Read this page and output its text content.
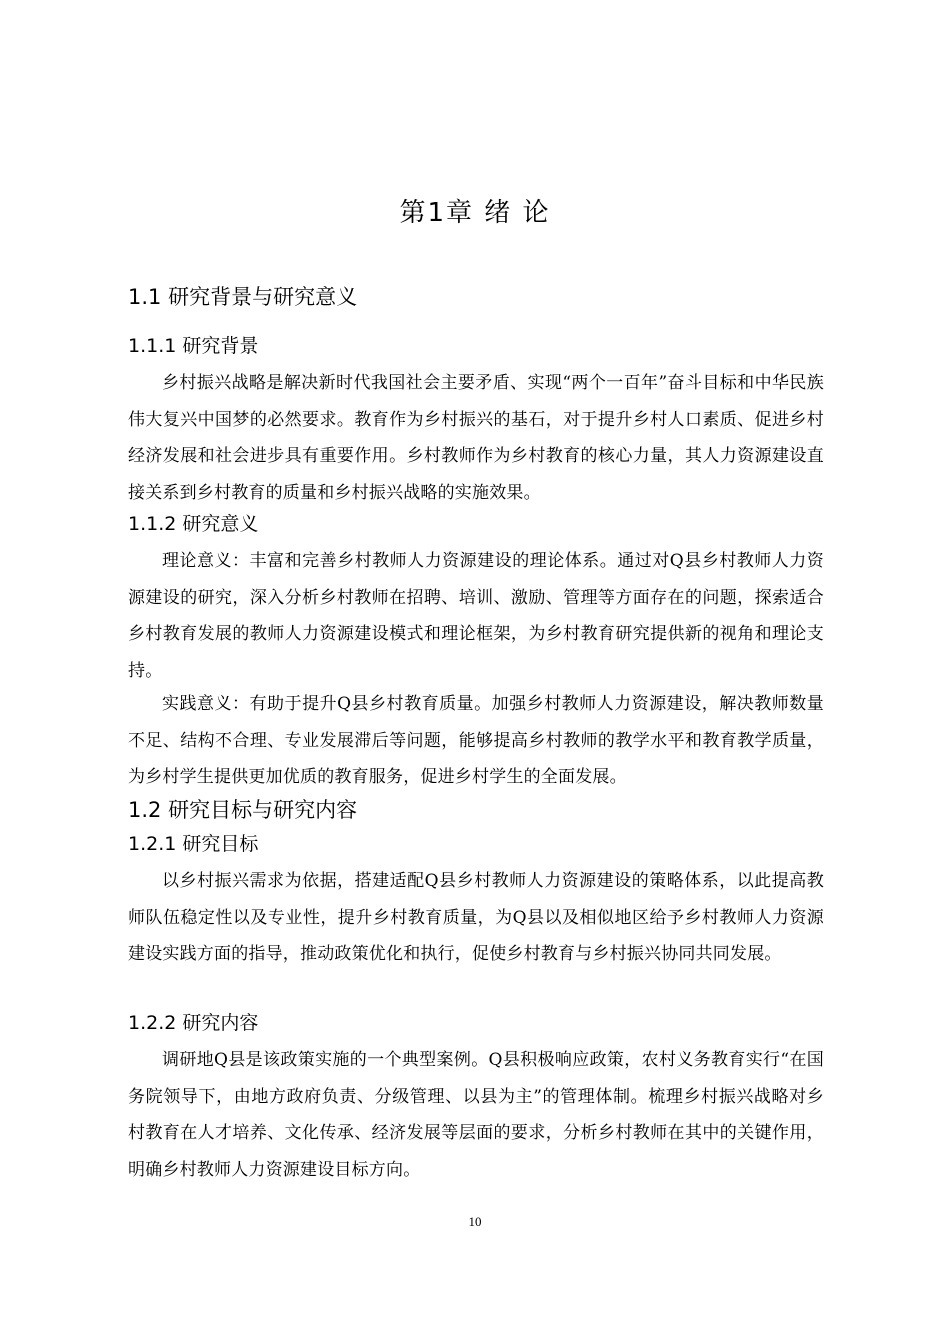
第1章 绪 论
1.1 研究背景与研究意义
1.1.1 研究背景

乡村振兴战略是解决新时代我国社会主要矛盾、实现“两个一百年”奋斗目标和中华民族伟大复兴中国梦的必然要求。教育作为乡村振兴的基石，对于提升乡村人口素质、促进乡村经济发展和社会进步具有重要作用。乡村教师作为乡村教育的核心力量，其人力资源建设直接关系到乡村教育的质量和乡村振兴战略的实施效果。

1.1.2 研究意义

理论意义：丰富和完善乡村教师人力资源建设的理论体系。通过对Q县乡村教师人力资源建设的研究，深入分析乡村教师在招聘、培训、激励、管理等方面存在的问题，探索适合乡村教育发展的教师人力资源建设模式和理论框架，为乡村教育研究提供新的视角和理论支持。

实践意义：有助于提升Q县乡村教育质量。加强乡村教师人力资源建设，解决教师数量不足、结构不合理、专业发展滞后等问题，能够提高乡村教师的教学水平和教育教学质量，为乡村学生提供更加优质的教育服务，促进乡村学生的全面发展。

1.2 研究目标与研究内容
1.2.1 研究目标

以乡村振兴需求为依据，搭建适配Q县乡村教师人力资源建设的策略体系，以此提高教师队伍稳定性以及专业性，提升乡村教育质量，为Q县以及相似地区给予乡村教师人力资源建设实践方面的指导，推动政策优化和执行，促使乡村教育与乡村振兴协同共同发展。

1.2.2 研究内容

调研地Q县是该政策实施的一个典型案例。Q县积极响应政策，农村义务教育实行“在国务院领导下，由地方政府负责、分级管理、以县为主”的管理体制。梳理乡村振兴战略对乡村教育在人才培养、文化传承、经济发展等层面的要求，分析乡村教师在其中的关键作用，明确乡村教师人力资源建设目标方向。

10
